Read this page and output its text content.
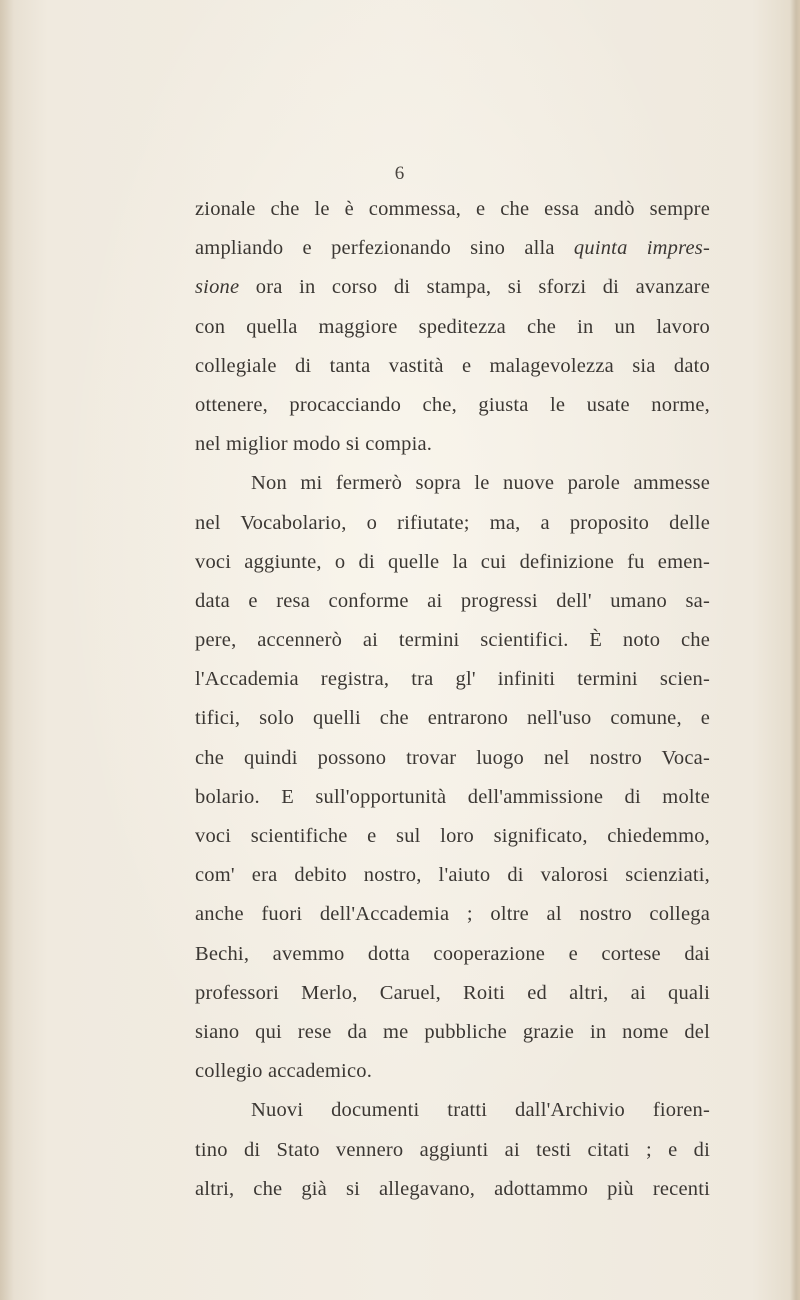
6
zionale che le è commessa, e che essa andò sempre
ampliando e perfezionando sino alla quinta impres-
sione ora in corso di stampa, si sforzi di avanzare
con quella maggiore speditezza che in un lavoro
collegiale di tanta vastità e malagevolezza sia dato
ottenere, procacciando che, giusta le usate norme,
nel miglior modo si compia.
Non mi fermerò sopra le nuove parole ammesse
nel Vocabolario, o rifiutate; ma, a proposito delle
voci aggiunte, o di quelle la cui definizione fu emen-
data e resa conforme ai progressi dell' umano sa-
pere, accennerò ai termini scientifici. È noto che
l'Accademia registra, tra gl' infiniti termini scien-
tifici, solo quelli che entrarono nell'uso comune, e
che quindi possono trovar luogo nel nostro Voca-
bolario. E sull'opportunità dell'ammissione di molte
voci scientifiche e sul loro significato, chiedemmo,
com' era debito nostro, l'aiuto di valorosi scienziati,
anche fuori dell'Accademia ; oltre al nostro collega
Bechi, avemmo dotta cooperazione e cortese dai
professori Merlo, Caruel, Roiti ed altri, ai quali
siano qui rese da me pubbliche grazie in nome del
collegio accademico.
Nuovi documenti tratti dall'Archivio fioren-
tino di Stato vennero aggiunti ai testi citati ; e di
altri, che già si allegavano, adottammo più recenti
